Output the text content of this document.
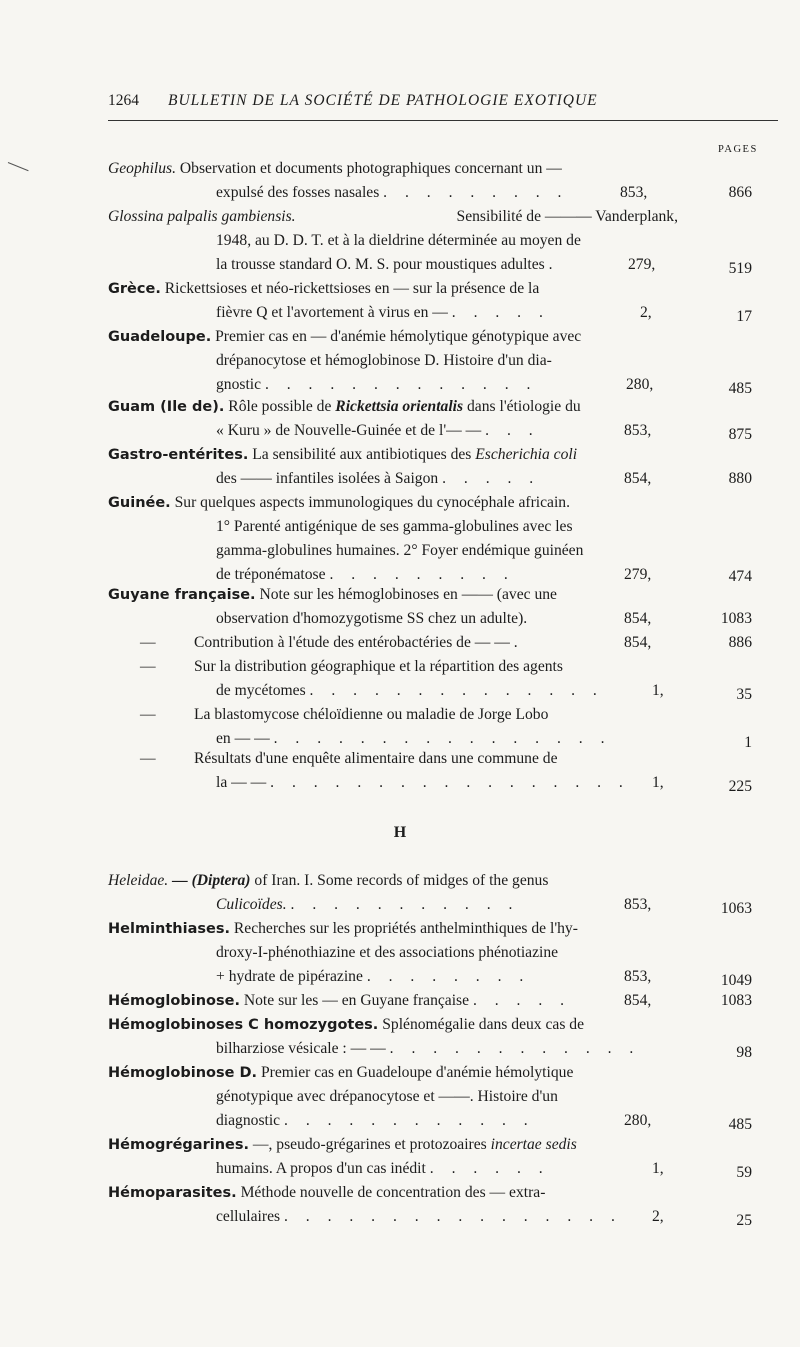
1264 BULLETIN DE LA SOCIÉTÉ DE PATHOLOGIE EXOTIQUE
PAGES
Geophilus. Observation et documents photographiques concernant un —
expulsé des fosses nasales . . . . . . . . .	853,	866
Glossina palpalis gambiensis.	Sensibilité de ——— Vanderplank,
1948, au D. D. T. et à la dieldrine déterminée au moyen de
la trousse standard O. M. S. pour moustiques adultes .	279,	519
Grèce. Rickettsioses et néo-rickettsioses en — sur la présence de la
fièvre Q et l'avortement à virus en — . . . . .	2,	17
Guadeloupe. Premier cas en — d'anémie hémolytique génotypique avec
drépanocytose et hémoglobinose D. Histoire d'un dia-
gnostic . . . . . . . . . . . . .	280,	485
Guam (Ile de). Rôle possible de Rickettsia orientalis dans l'étiologie du
« Kuru » de Nouvelle-Guinée et de l'— — . . .	853,	875
Gastro-entérites. La sensibilité aux antibiotiques des Escherichia coli
des —— infantiles isolées à Saigon . . . . .	854,	880
Guinée. Sur quelques aspects immunologiques du cynocéphale africain.
1° Parenté antigénique de ses gamma-globulines avec les
gamma-globulines humaines. 2° Foyer endémique guinéen
de tréponématose . . . . . . . . .	279,	474
Guyane française. Note sur les hémoglobinoses en —— (avec une
observation d'homozygotisme SS chez un adulte).	854,	1083
— Contribution à l'étude des entérobactéries de — — .	854,	886
— Sur la distribution géographique et la répartition des agents
de mycétomes . . . . . . . . . . . . . .	1,	35
— La blastomycose chéloïdienne ou maladie de Jorge Lobo
en — — . . . . . . . . . . . . . . . .	1
— Résultats d'une enquête alimentaire dans une commune de
la — — . . . . . . . . . . . . . . . . . 1,	225
H
Heleidae. — (Diptera) of Iran. I. Some records of midges of the genus
Culicoïdes. . . . . . . . . . . .	853,	1063
Helminthiases. Recherches sur les propriétés anthelminthiques de l'hy-
droxy-I-phénothiazine et des associations phénotiazine
+ hydrate de pipérazine . . . . . . . .	853,	1049
Hémoglobinose. Note sur les — en Guyane française . . . . .	854,	1083
Hémoglobinoses C homozygotes. Splénomégalie dans deux cas de
bilharziose vésicale : — — . . . . . . . . . . . .	98
Hémoglobinose D. Premier cas en Guadeloupe d'anémie hémolytique
génotypique avec drépanocytose et ——. Histoire d'un
diagnostic . . . . . . . . . . . .	280,	485
Hémogrégarines. —, pseudo-grégarines et protozoaires incertae sedis
humains. A propos d'un cas inédit . . . . . .	1,	59
Hémoparasites. Méthode nouvelle de concentration des — extra-
cellulaires . . . . . . . . . . . . . . . . 2,	25
